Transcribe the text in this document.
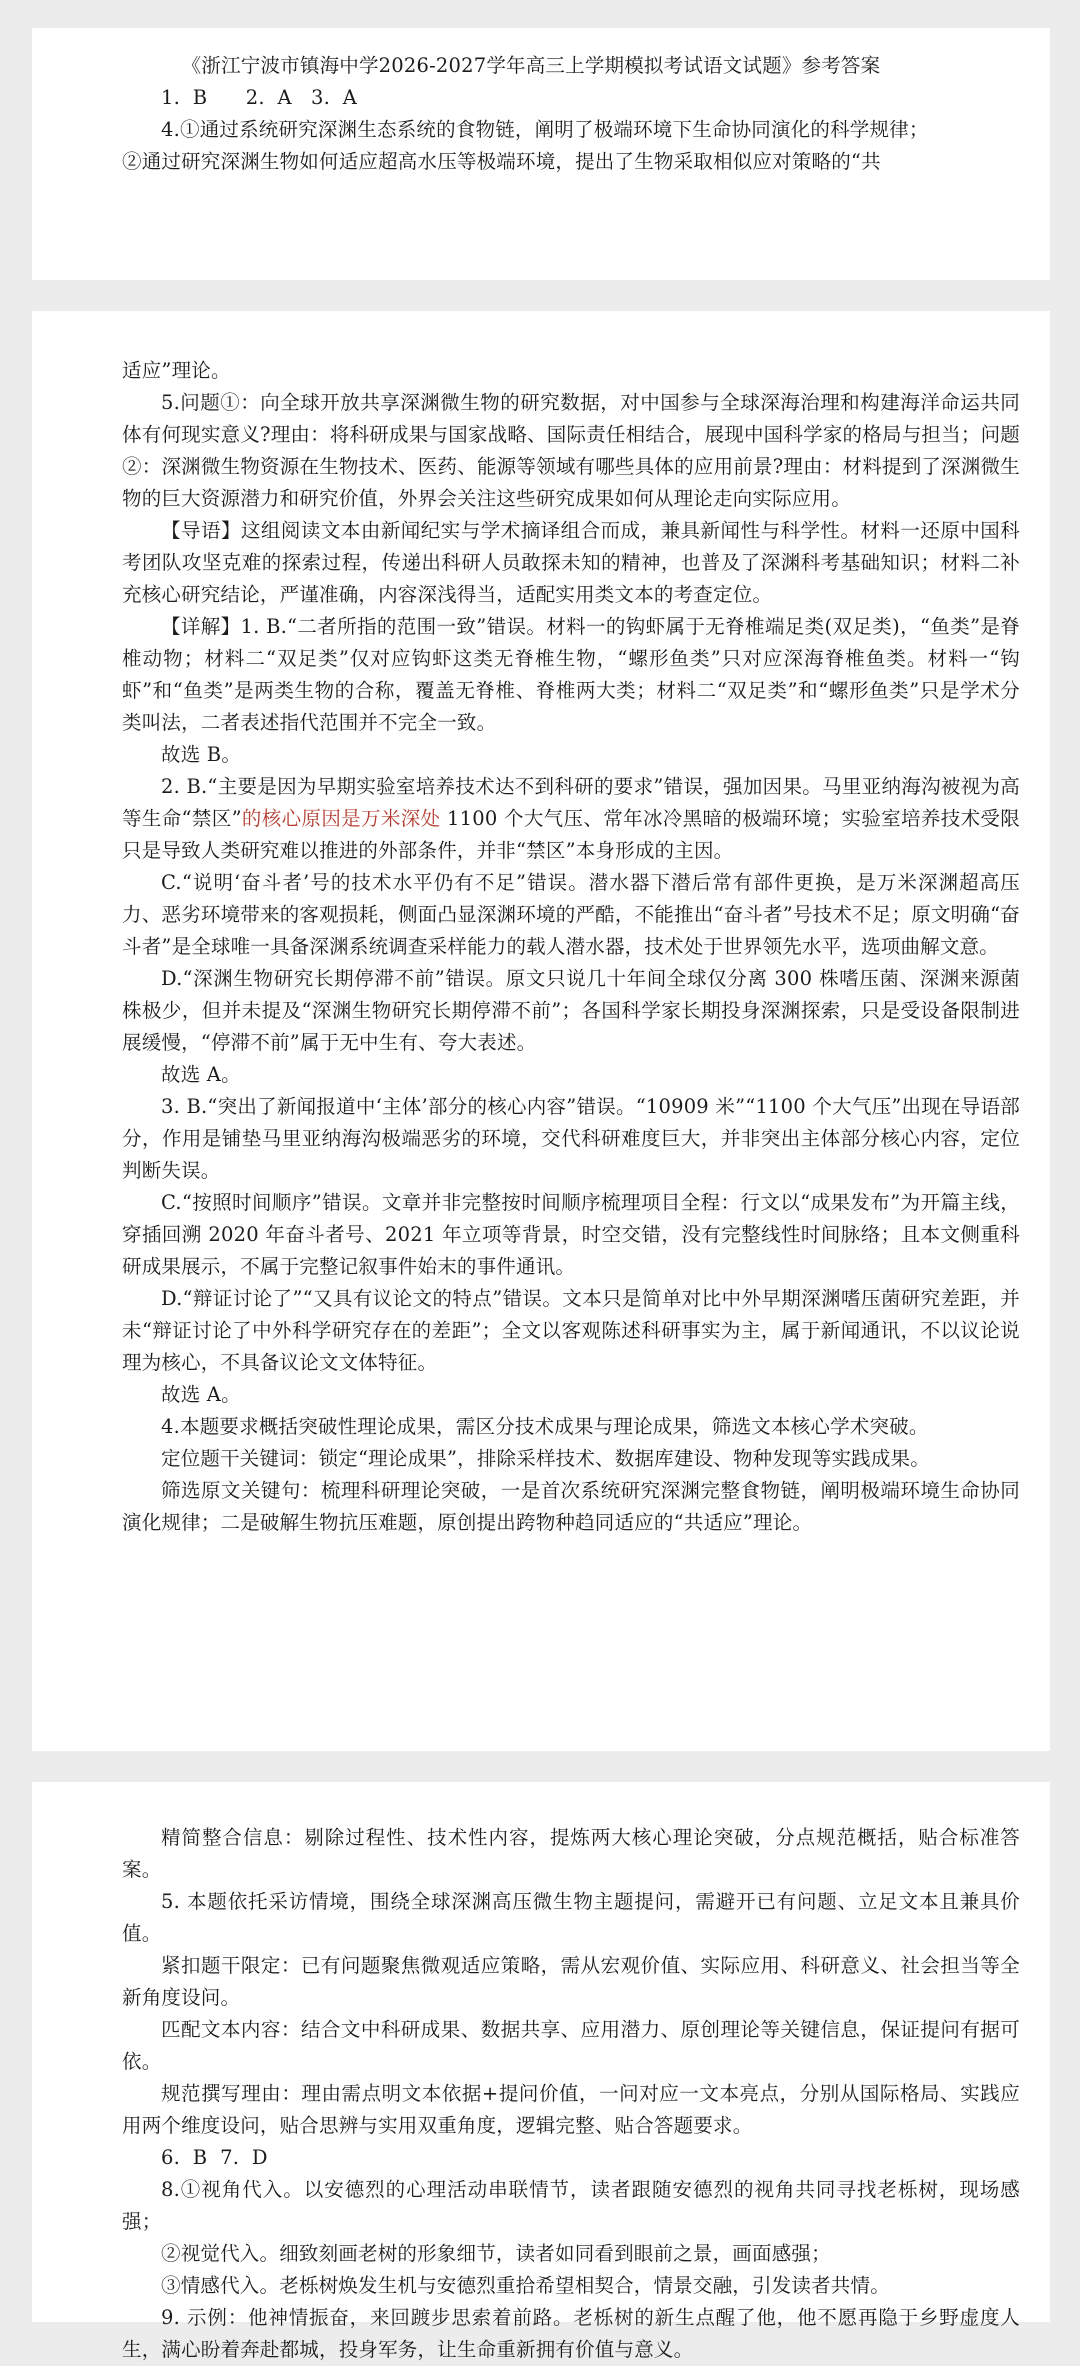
《浙江宁波市镇海中学2026-2027学年高三上学期模拟考试语文试题》参考答案

1.  B      2.  A   3.  A

4.①通过系统研究深渊生态系统的食物链，阐明了极端环境下生命协同演化的科学规律；

②通过研究深渊生物如何适应超高水压等极端环境，提出了生物采取相似应对策略的“共

适应”理论。

5.问题①：向全球开放共享深渊微生物的研究数据，对中国参与全球深海治理和构建海洋命运共同体有何现实意义?理由：将科研成果与国家战略、国际责任相结合，展现中国科学家的格局与担当；问题②：深渊微生物资源在生物技术、医药、能源等领域有哪些具体的应用前景?理由：材料提到了深渊微生物的巨大资源潜力和研究价值，外界会关注这些研究成果如何从理论走向实际应用。

【导语】这组阅读文本由新闻纪实与学术摘译组合而成，兼具新闻性与科学性。材料一还原中国科考团队攻坚克难的探索过程，传递出科研人员敢探未知的精神，也普及了深渊科考基础知识；材料二补充核心研究结论，严谨准确，内容深浅得当，适配实用类文本的考查定位。

【详解】1. B.“二者所指的范围一致”错误。材料一的钩虾属于无脊椎端足类(双足类)，“鱼类”是脊椎动物；材料二“双足类”仅对应钩虾这类无脊椎生物，“螺形鱼类”只对应深海脊椎鱼类。材料一“钩虾”和“鱼类”是两类生物的合称，覆盖无脊椎、脊椎两大类；材料二“双足类”和“螺形鱼类”只是学术分类叫法，二者表述指代范围并不完全一致。

故选 B。

2. B.“主要是因为早期实验室培养技术达不到科研的要求”错误，强加因果。马里亚纳海沟被视为高等生命“禁区”的核心原因是万米深处 1100 个大气压、常年冰冷黑暗的极端环境；实验室培养技术受限只是导致人类研究难以推进的外部条件，并非“禁区”本身形成的主因。

C.“说明‘奋斗者’号的技术水平仍有不足”错误。潜水器下潜后常有部件更换，是万米深渊超高压力、恶劣环境带来的客观损耗，侧面凸显深渊环境的严酷，不能推出“奋斗者”号技术不足；原文明确“奋斗者”是全球唯一具备深渊系统调查采样能力的载人潜水器，技术处于世界领先水平，选项曲解文意。

D.“深渊生物研究长期停滞不前”错误。原文只说几十年间全球仅分离 300 株嗜压菌、深渊来源菌株极少，但并未提及“深渊生物研究长期停滞不前”；各国科学家长期投身深渊探索，只是受设备限制进展缓慢，“停滞不前”属于无中生有、夸大表述。

故选 A。

3. B.“突出了新闻报道中‘主体’部分的核心内容”错误。“10909 米”“1100 个大气压”出现在导语部分，作用是铺垫马里亚纳海沟极端恶劣的环境，交代科研难度巨大，并非突出主体部分核心内容，定位判断失误。

C.“按照时间顺序”错误。文章并非完整按时间顺序梳理项目全程：行文以“成果发布”为开篇主线，穿插回溯 2020 年奋斗者号、2021 年立项等背景，时空交错，没有完整线性时间脉络；且本文侧重科研成果展示，不属于完整记叙事件始末的事件通讯。

D.“辩证讨论了”“又具有议论文的特点”错误。文本只是简单对比中外早期深渊嗜压菌研究差距，并未“辩证讨论了中外科学研究存在的差距”；全文以客观陈述科研事实为主，属于新闻通讯，不以议论说理为核心，不具备议论文文体特征。

故选 A。

4.本题要求概括突破性理论成果，需区分技术成果与理论成果，筛选文本核心学术突破。

定位题干关键词：锁定“理论成果”，排除采样技术、数据库建设、物种发现等实践成果。

筛选原文关键句：梳理科研理论突破，一是首次系统研究深渊完整食物链，阐明极端环境生命协同演化规律；二是破解生物抗压难题，原创提出跨物种趋同适应的“共适应”理论。

精简整合信息：剔除过程性、技术性内容，提炼两大核心理论突破，分点规范概括，贴合标准答案。

5. 本题依托采访情境，围绕全球深渊高压微生物主题提问，需避开已有问题、立足文本且兼具价值。

紧扣题干限定：已有问题聚焦微观适应策略，需从宏观价值、实际应用、科研意义、社会担当等全新角度设问。

匹配文本内容：结合文中科研成果、数据共享、应用潜力、原创理论等关键信息，保证提问有据可依。

规范撰写理由：理由需点明文本依据+提问价值，一问对应一文本亮点，分别从国际格局、实践应用两个维度设问，贴合思辨与实用双重角度，逻辑完整、贴合答题要求。

6.  B  7.  D

8.①视角代入。以安德烈的心理活动串联情节，读者跟随安德烈的视角共同寻找老栎树，现场感强；

②视觉代入。细致刻画老树的形象细节，读者如同看到眼前之景，画面感强；

③情感代入。老栎树焕发生机与安德烈重拾希望相契合，情景交融，引发读者共情。

9. 示例：他神情振奋，来回踱步思索着前路。老栎树的新生点醒了他，他不愿再隐于乡野虚度人生，满心盼着奔赴都城，投身军务，让生命重新拥有价值与意义。
